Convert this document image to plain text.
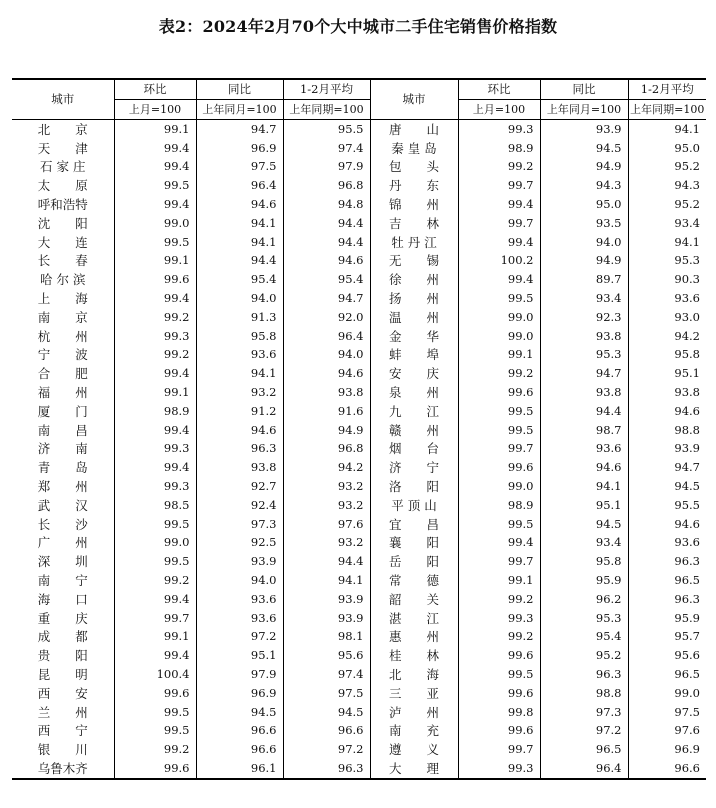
表2：2024年2月70个大中城市二手住宅销售价格指数
城市	环比	同比	1-2月平均	城市	环比	同比	1-2月平均
	上月=100	上年同月=100	上年同期=100		上月=100	上年同月=100	上年同期=100
北　　京	99.1	94.7	95.5	唐　　山	99.3	93.9	94.1
天　　津	99.4	96.9	97.4	秦 皇 岛	98.9	94.5	95.0
石 家 庄	99.4	97.5	97.9	包　　头	99.2	94.9	95.2
太　　原	99.5	96.4	96.8	丹　　东	99.7	94.3	94.3
呼和浩特	99.4	94.6	94.8	锦　　州	99.4	95.0	95.2
沈　　阳	99.0	94.1	94.4	吉　　林	99.7	93.5	93.4
大　　连	99.5	94.1	94.4	牡 丹 江	99.4	94.0	94.1
长　　春	99.1	94.4	94.6	无　　锡	100.2	94.9	95.3
哈 尔 滨	99.6	95.4	95.4	徐　　州	99.4	89.7	90.3
上　　海	99.4	94.0	94.7	扬　　州	99.5	93.4	93.6
南　　京	99.2	91.3	92.0	温　　州	99.0	92.3	93.0
杭　　州	99.3	95.8	96.4	金　　华	99.0	93.8	94.2
宁　　波	99.2	93.6	94.0	蚌　　埠	99.1	95.3	95.8
合　　肥	99.4	94.1	94.6	安　　庆	99.2	94.7	95.1
福　　州	99.1	93.2	93.8	泉　　州	99.6	93.8	93.8
厦　　门	98.9	91.2	91.6	九　　江	99.5	94.4	94.6
南　　昌	99.4	94.6	94.9	赣　　州	99.5	98.7	98.8
济　　南	99.3	96.3	96.8	烟　　台	99.7	93.6	93.9
青　　岛	99.4	93.8	94.2	济　　宁	99.6	94.6	94.7
郑　　州	99.3	92.7	93.2	洛　　阳	99.0	94.1	94.5
武　　汉	98.5	92.4	93.2	平 顶 山	98.9	95.1	95.5
长　　沙	99.5	97.3	97.6	宜　　昌	99.5	94.5	94.6
广　　州	99.0	92.5	93.2	襄　　阳	99.4	93.4	93.6
深　　圳	99.5	93.9	94.4	岳　　阳	99.7	95.8	96.3
南　　宁	99.2	94.0	94.1	常　　德	99.1	95.9	96.5
海　　口	99.4	93.6	93.9	韶　　关	99.2	96.2	96.3
重　　庆	99.7	93.6	93.9	湛　　江	99.3	95.3	95.9
成　　都	99.1	97.2	98.1	惠　　州	99.2	95.4	95.7
贵　　阳	99.4	95.1	95.6	桂　　林	99.6	95.2	95.6
昆　　明	100.4	97.9	97.4	北　　海	99.5	96.3	96.5
西　　安	99.6	96.9	97.5	三　　亚	99.6	98.8	99.0
兰　　州	99.5	94.5	94.5	泸　　州	99.8	97.3	97.5
西　　宁	99.5	96.6	96.6	南　　充	99.6	97.2	97.6
银　　川	99.2	96.6	97.2	遵　　义	99.7	96.5	96.9
乌鲁木齐	99.6	96.1	96.3	大　　理	99.3	96.4	96.6
